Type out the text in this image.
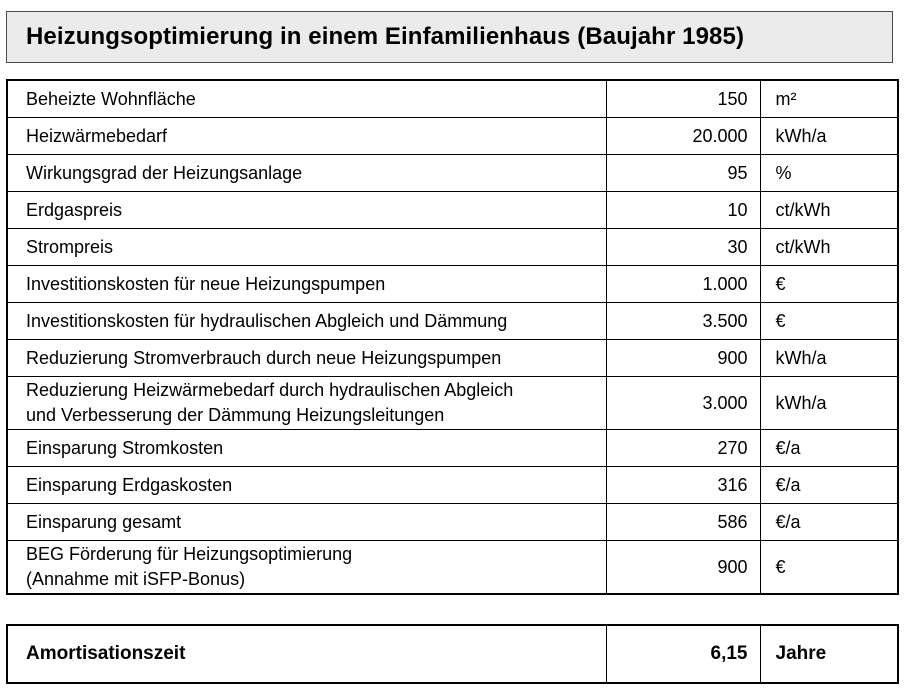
Heizungsoptimierung in einem Einfamilienhaus (Baujahr 1985)
Beheizte Wohnfläche	150	m²
Heizwärmebedarf	20.000	kWh/a
Wirkungsgrad der Heizungsanlage	95	%
Erdgaspreis	10	ct/kWh
Strompreis	30	ct/kWh
Investitionskosten für neue Heizungspumpen	1.000	€
Investitionskosten für hydraulischen Abgleich und Dämmung	3.500	€
Reduzierung Stromverbrauch durch neue Heizungspumpen	900	kWh/a
Reduzierung Heizwärmebedarf durch hydraulischen Abgleich
und Verbesserung der Dämmung Heizungsleitungen	3.000	kWh/a
Einsparung Stromkosten	270	€/a
Einsparung Erdgaskosten	316	€/a
Einsparung gesamt	586	€/a
BEG Förderung für Heizungsoptimierung
(Annahme mit iSFP-Bonus)	900	€
Amortisationszeit	6,15	Jahre
